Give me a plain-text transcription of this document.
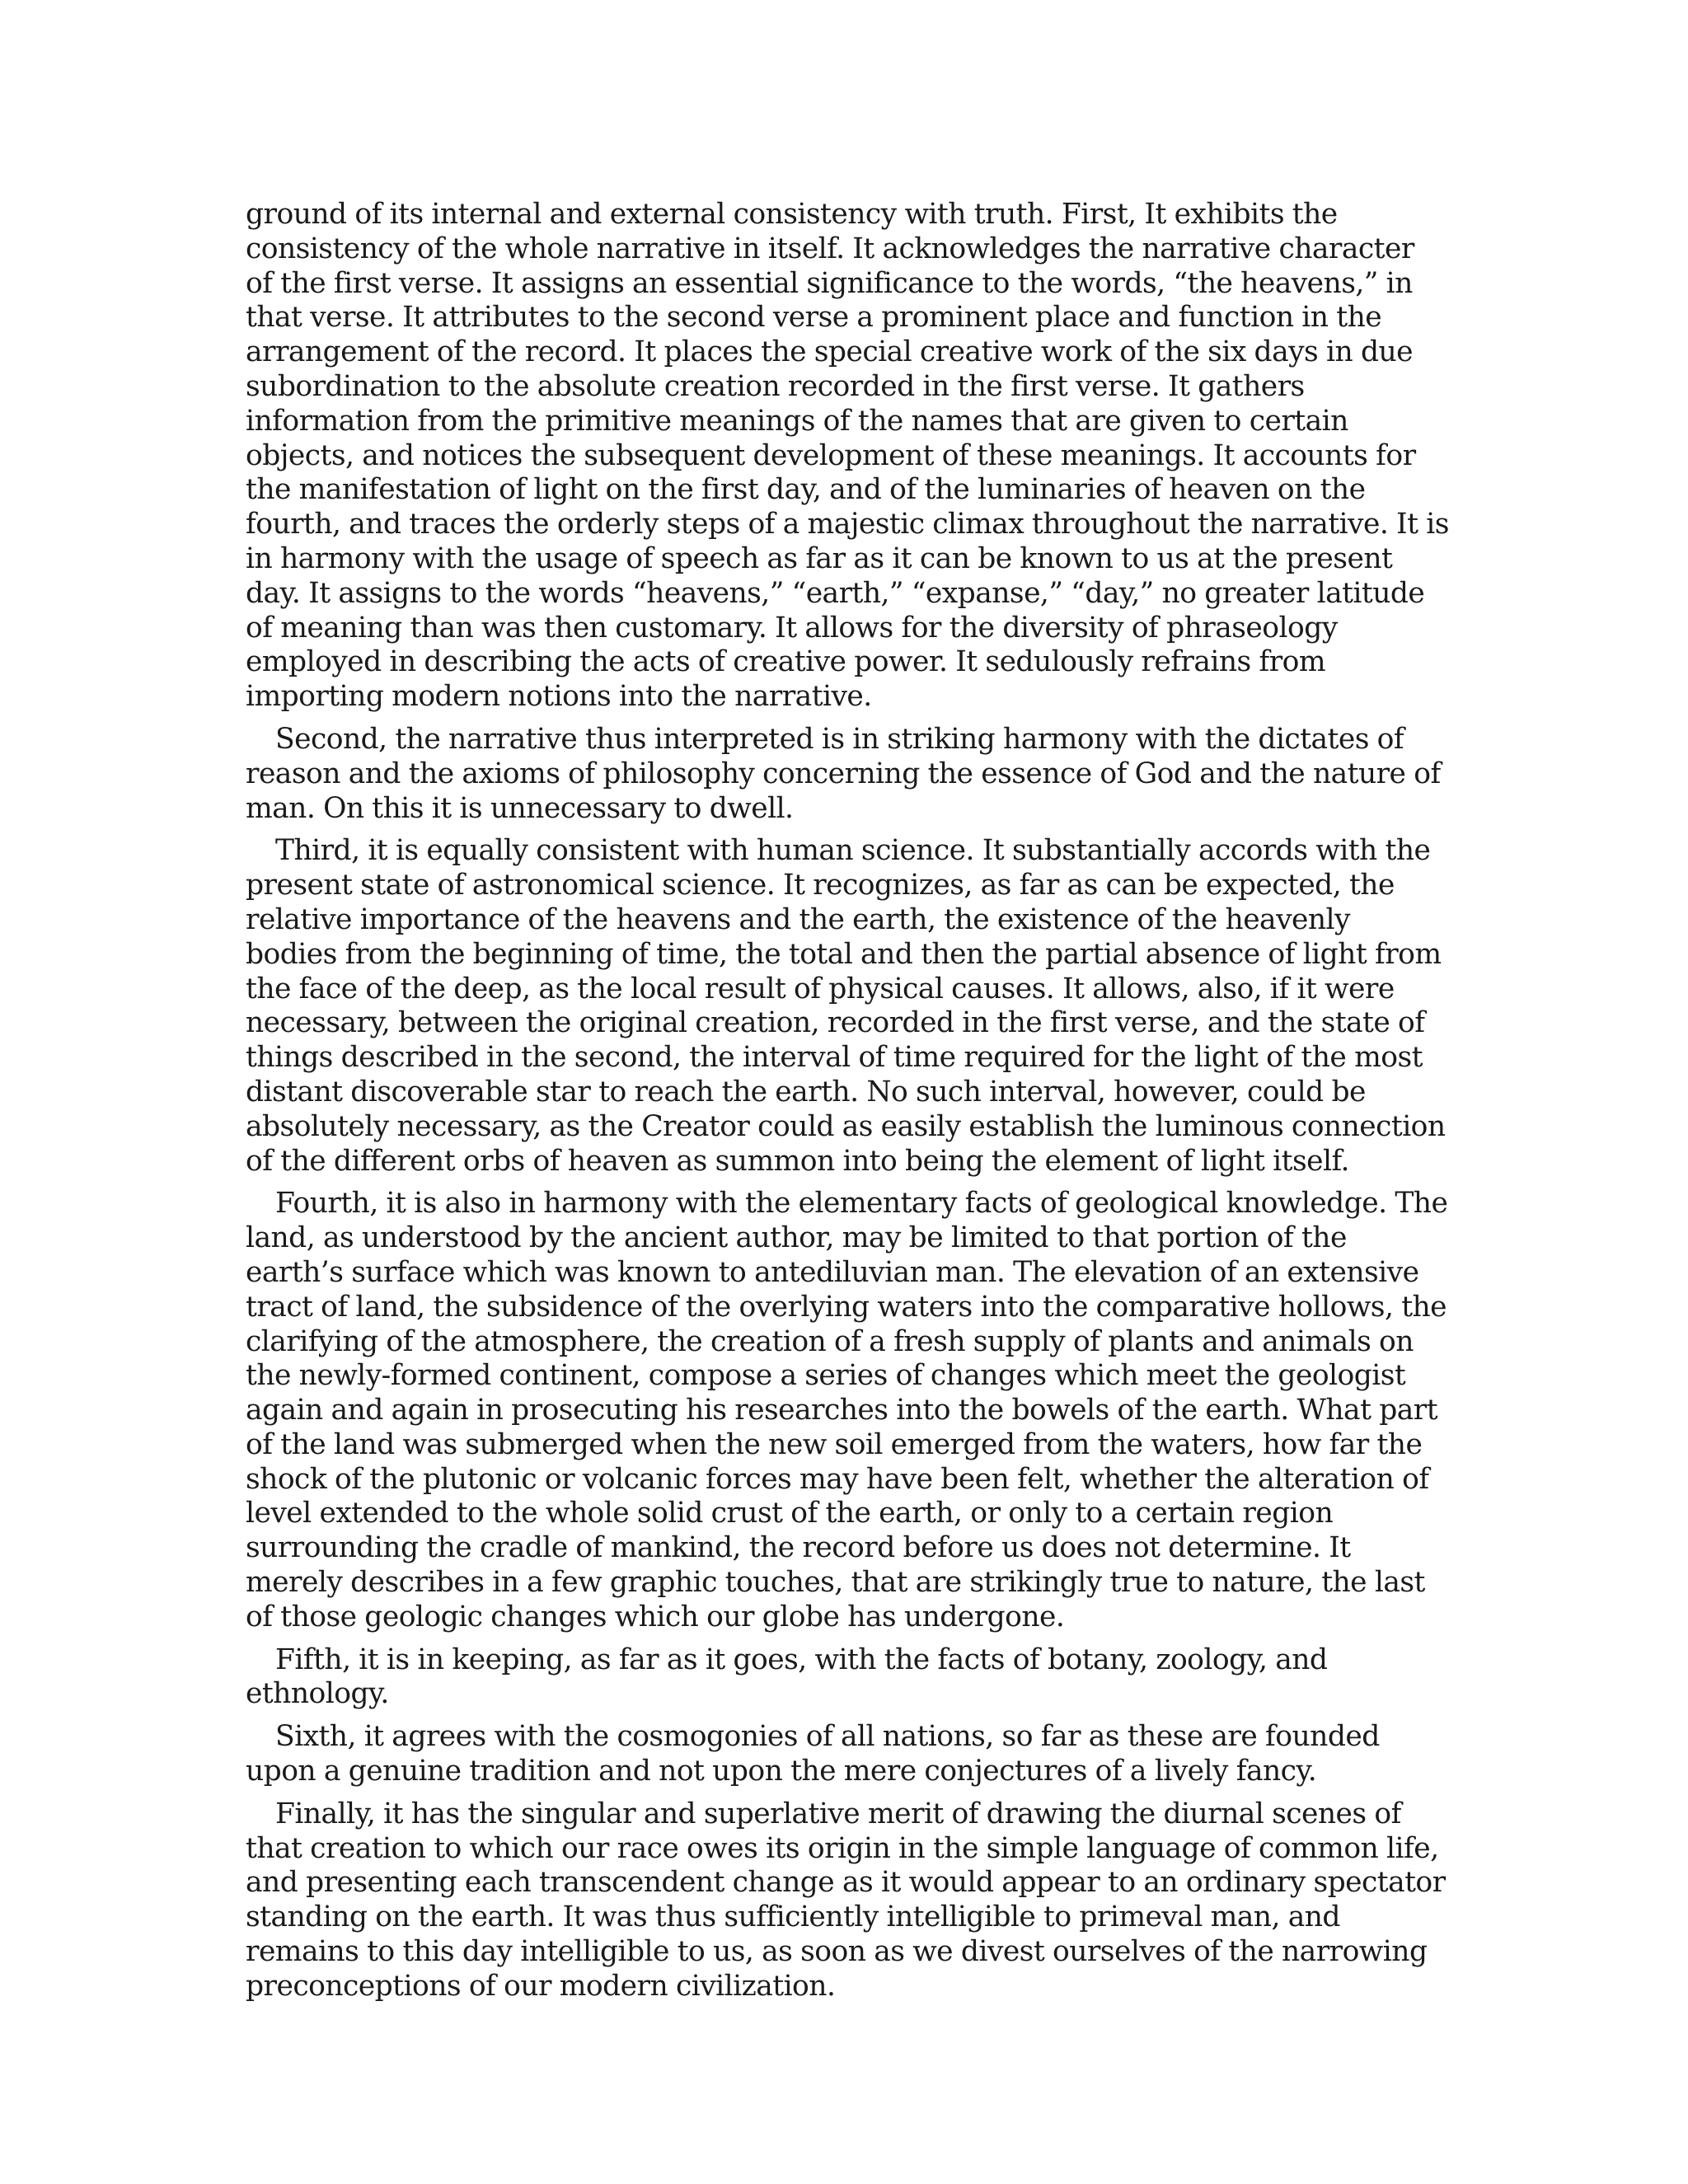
ground of its internal and external consistency with truth. First, It exhibits the consistency of the whole narrative in itself. It acknowledges the narrative character of the first verse. It assigns an essential significance to the words, “the heavens,” in that verse. It attributes to the second verse a prominent place and function in the arrangement of the record. It places the special creative work of the six days in due subordination to the absolute creation recorded in the first verse. It gathers information from the primitive meanings of the names that are given to certain objects, and notices the subsequent development of these meanings. It accounts for the manifestation of light on the first day, and of the luminaries of heaven on the fourth, and traces the orderly steps of a majestic climax throughout the narrative. It is in harmony with the usage of speech as far as it can be known to us at the present day. It assigns to the words “heavens,” “earth,” “expanse,” “day,” no greater latitude of meaning than was then customary. It allows for the diversity of phraseology employed in describing the acts of creative power. It sedulously refrains from importing modern notions into the narrative.

Second, the narrative thus interpreted is in striking harmony with the dictates of reason and the axioms of philosophy concerning the essence of God and the nature of man. On this it is unnecessary to dwell.

Third, it is equally consistent with human science. It substantially accords with the present state of astronomical science. It recognizes, as far as can be expected, the relative importance of the heavens and the earth, the existence of the heavenly bodies from the beginning of time, the total and then the partial absence of light from the face of the deep, as the local result of physical causes. It allows, also, if it were necessary, between the original creation, recorded in the first verse, and the state of things described in the second, the interval of time required for the light of the most distant discoverable star to reach the earth. No such interval, however, could be absolutely necessary, as the Creator could as easily establish the luminous connection of the different orbs of heaven as summon into being the element of light itself.

Fourth, it is also in harmony with the elementary facts of geological knowledge. The land, as understood by the ancient author, may be limited to that portion of the earth’s surface which was known to antediluvian man. The elevation of an extensive tract of land, the subsidence of the overlying waters into the comparative hollows, the clarifying of the atmosphere, the creation of a fresh supply of plants and animals on the newly-formed continent, compose a series of changes which meet the geologist again and again in prosecuting his researches into the bowels of the earth. What part of the land was submerged when the new soil emerged from the waters, how far the shock of the plutonic or volcanic forces may have been felt, whether the alteration of level extended to the whole solid crust of the earth, or only to a certain region surrounding the cradle of mankind, the record before us does not determine. It merely describes in a few graphic touches, that are strikingly true to nature, the last of those geologic changes which our globe has undergone.

Fifth, it is in keeping, as far as it goes, with the facts of botany, zoology, and ethnology.

Sixth, it agrees with the cosmogonies of all nations, so far as these are founded upon a genuine tradition and not upon the mere conjectures of a lively fancy.

Finally, it has the singular and superlative merit of drawing the diurnal scenes of that creation to which our race owes its origin in the simple language of common life, and presenting each transcendent change as it would appear to an ordinary spectator standing on the earth. It was thus sufficiently intelligible to primeval man, and remains to this day intelligible to us, as soon as we divest ourselves of the narrowing preconceptions of our modern civilization.
